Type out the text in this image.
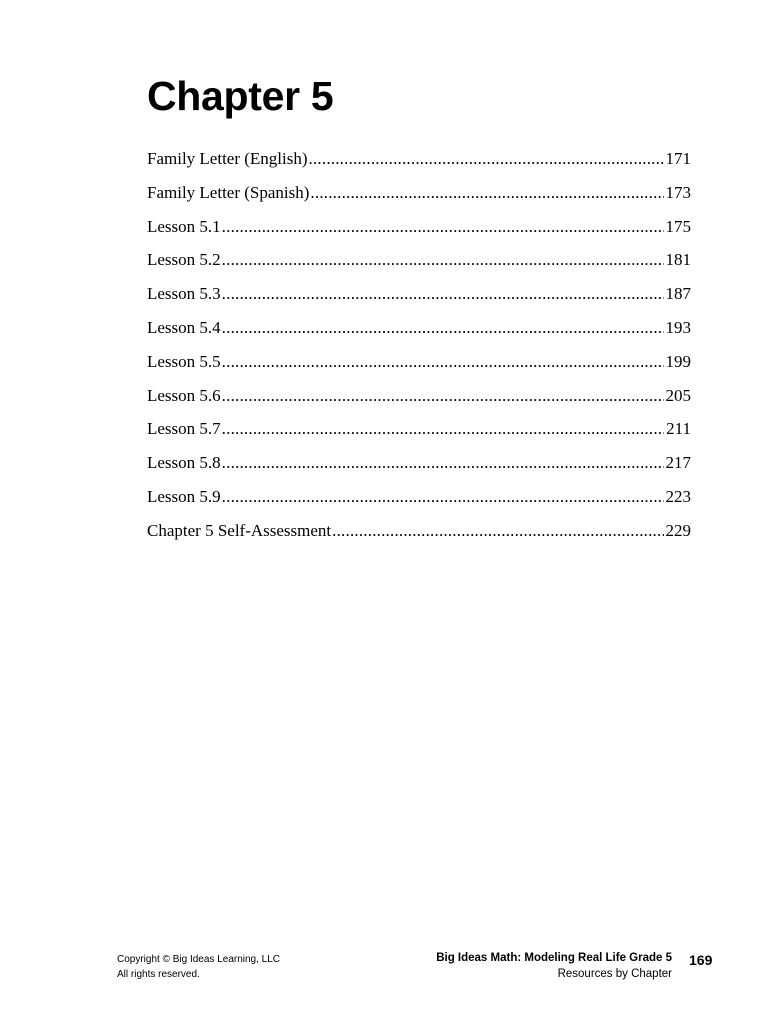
Chapter 5
Family Letter (English) .....	171
Family Letter (Spanish) .....	173
Lesson 5.1 .....	175
Lesson 5.2 .....	181
Lesson 5.3 .....	187
Lesson 5.4 .....	193
Lesson 5.5 .....	199
Lesson 5.6 .....	205
Lesson 5.7 .....	211
Lesson 5.8 .....	217
Lesson 5.9 .....	223
Chapter 5 Self-Assessment .....	229
Copyright © Big Ideas Learning, LLC
All rights reserved.
Big Ideas Math: Modeling Real Life Grade 5
Resources by Chapter
169
